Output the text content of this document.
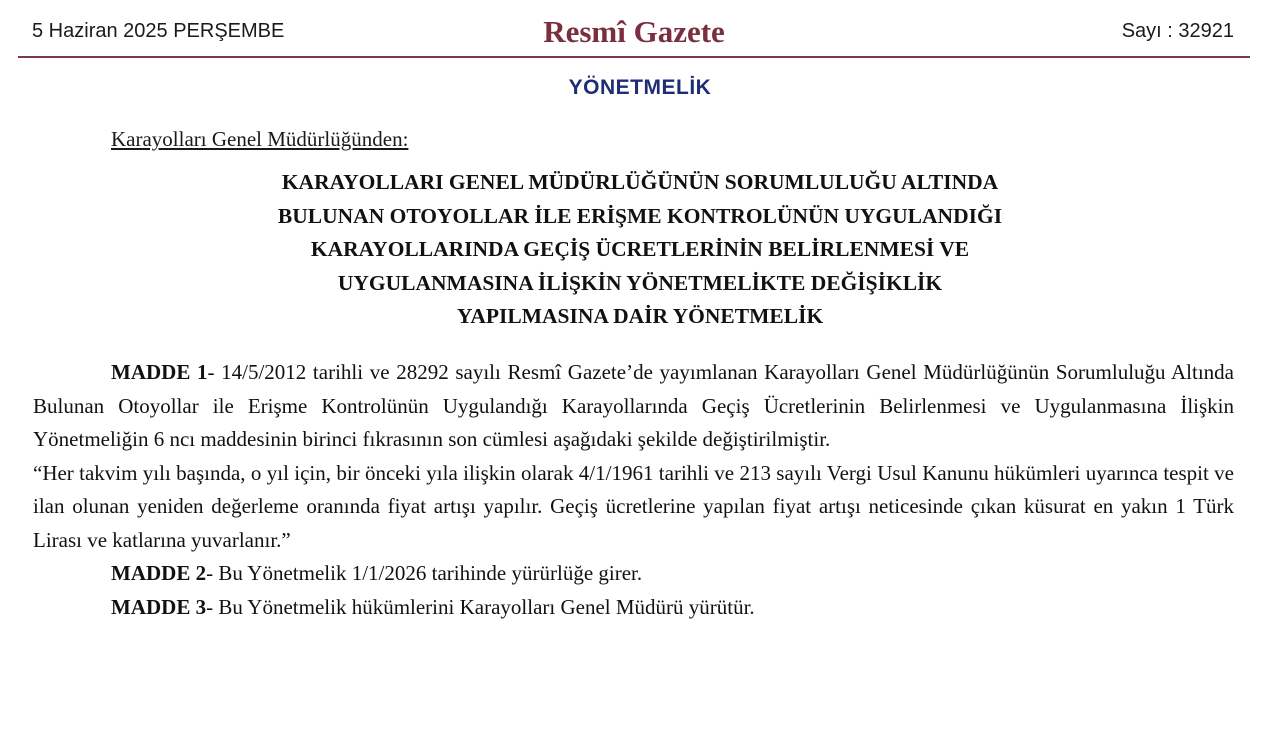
5 Haziran 2025 PERŞEMBE	Resmî Gazete	Sayı : 32921
YÖNETMELİK
Karayolları Genel Müdürlüğünden:
KARAYOLLARI GENEL MÜDÜRLÜĞÜNÜN SORUMLULUĞU ALTINDA
BULUNAN OTOYOLLAR İLE ERİŞME KONTROLÜNÜN UYGULANDIĞI
KARAYOLLARINDA GEÇİŞ ÜCRETLERİNİN BELİRLENMESİ VE
UYGULANMASINA İLİŞKİN YÖNETMELİKTE DEĞİŞİKLİK
YAPILMASINA DAİR YÖNETMELİK

MADDE 1- 14/5/2012 tarihli ve 28292 sayılı Resmî Gazete’de yayımlanan Karayolları Genel Müdürlüğünün Sorumluluğu Altında Bulunan Otoyollar ile Erişme Kontrolünün Uygulandığı Karayollarında Geçiş Ücretlerinin Belirlenmesi ve Uygulanmasına İlişkin Yönetmeliğin 6 ncı maddesinin birinci fıkrasının son cümlesi aşağıdaki şekilde değiştirilmiştir.

“Her takvim yılı başında, o yıl için, bir önceki yıla ilişkin olarak 4/1/1961 tarihli ve 213 sayılı Vergi Usul Kanunu hükümleri uyarınca tespit ve ilan olunan yeniden değerleme oranında fiyat artışı yapılır. Geçiş ücretlerine yapılan fiyat artışı neticesinde çıkan küsurat en yakın 1 Türk Lirası ve katlarına yuvarlanır.”

MADDE 2- Bu Yönetmelik 1/1/2026 tarihinde yürürlüğe girer.

MADDE 3- Bu Yönetmelik hükümlerini Karayolları Genel Müdürü yürütür.
